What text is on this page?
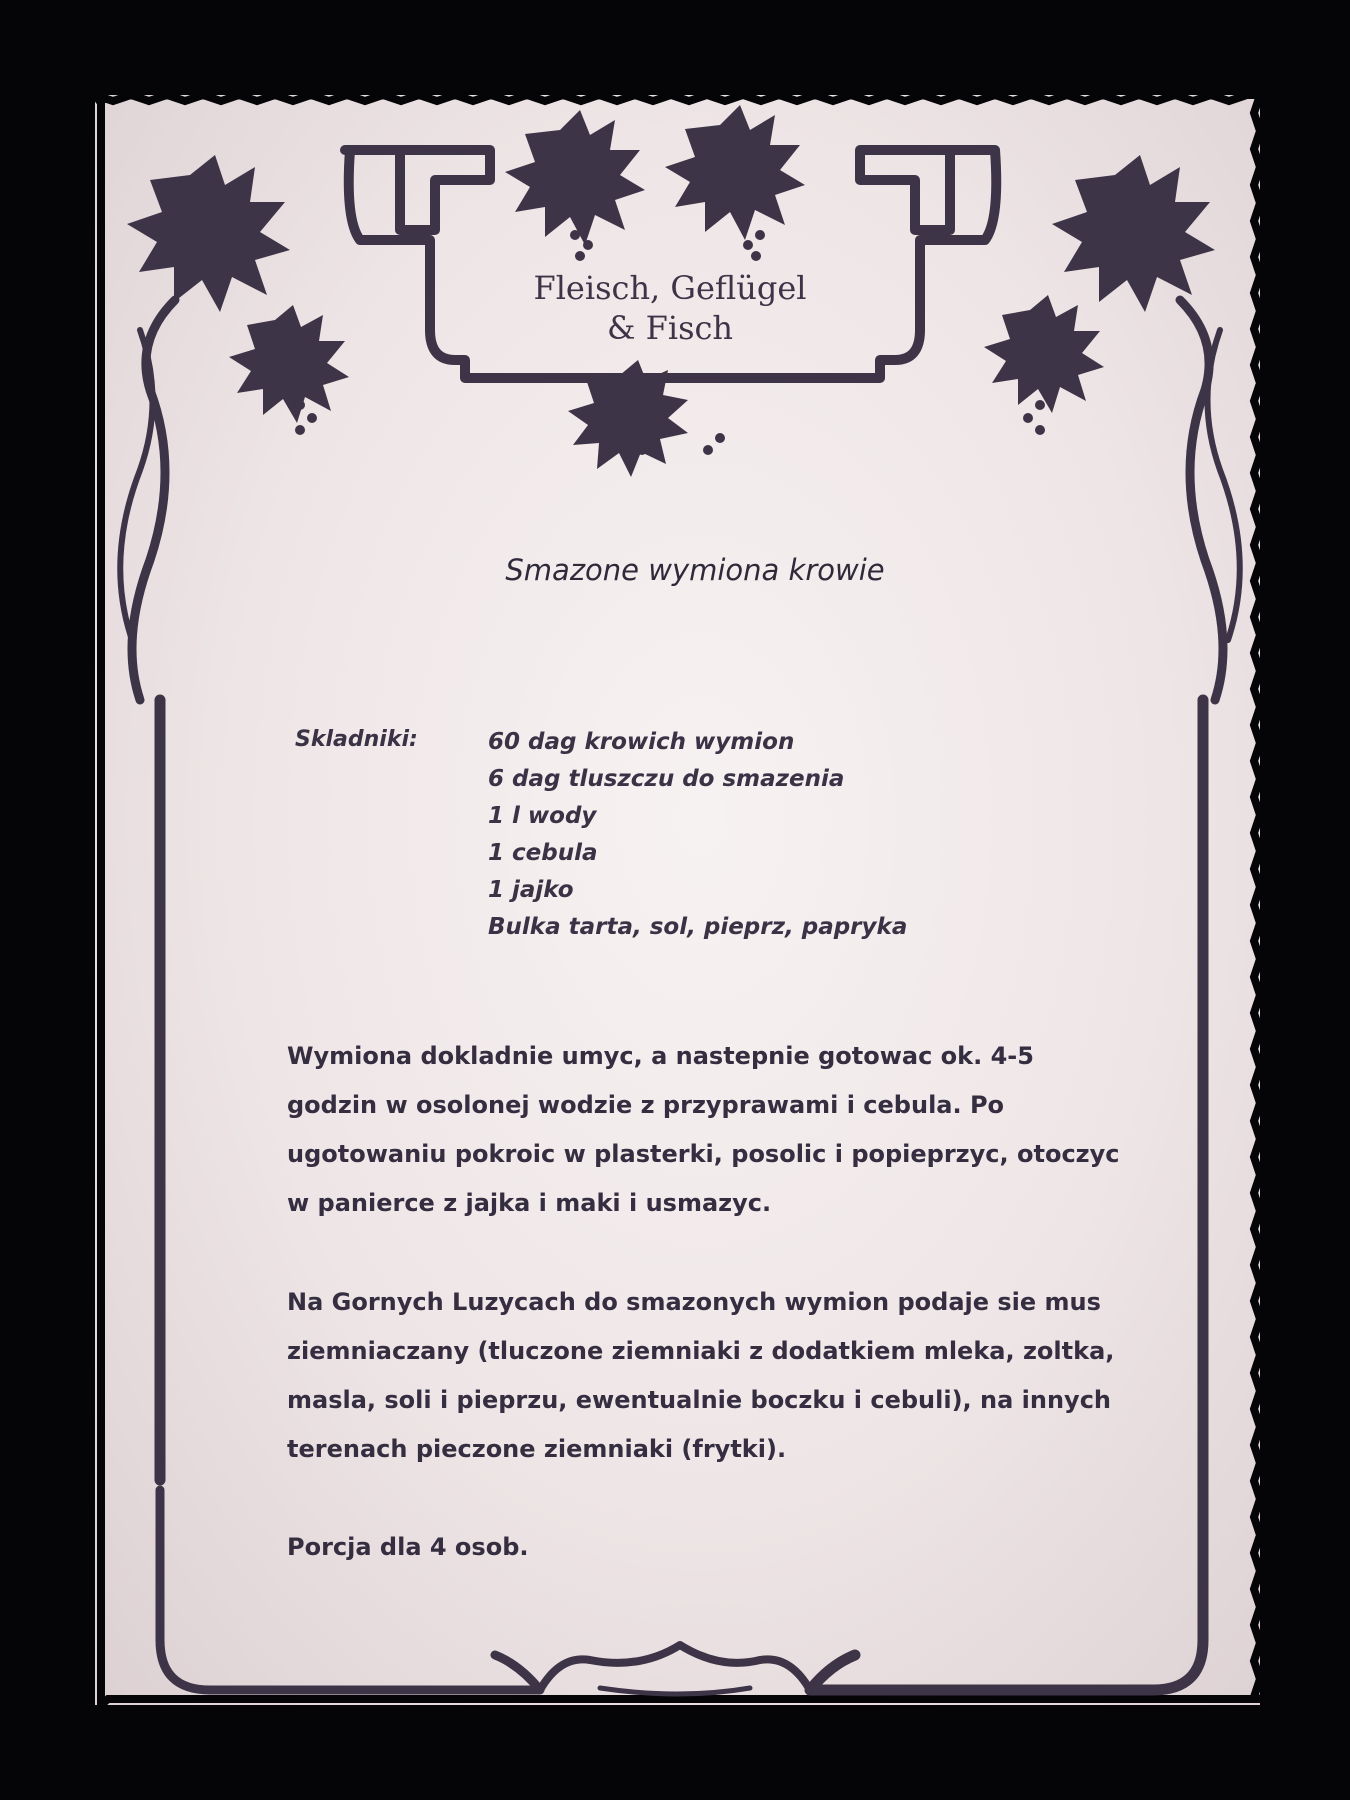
Fleisch, Geflügel
& Fisch
Smazone wymiona krowie
Skladniki:	60 dag krowich wymion
6 dag tluszczu do smazenia
1 l wody
1 cebula
1 jajko
Bulka tarta, sol, pieprz, papryka

Wymiona dokladnie umyc, a nastepnie gotowac ok. 4-5 godzin w osolonej wodzie z przyprawami i cebula. Po ugotowaniu pokroic w plasterki, posolic i popieprzyc, otoczyc w panierce z jajka i maki i usmazyc.

Na Gornych Luzycach do smazonych wymion podaje sie mus ziemniaczany (tluczone ziemniaki z dodatkiem mleka, zoltka, masla, soli i pieprzu, ewentualnie boczku i cebuli), na innych terenach pieczone ziemniaki (frytki).

Porcja dla 4 osob.
